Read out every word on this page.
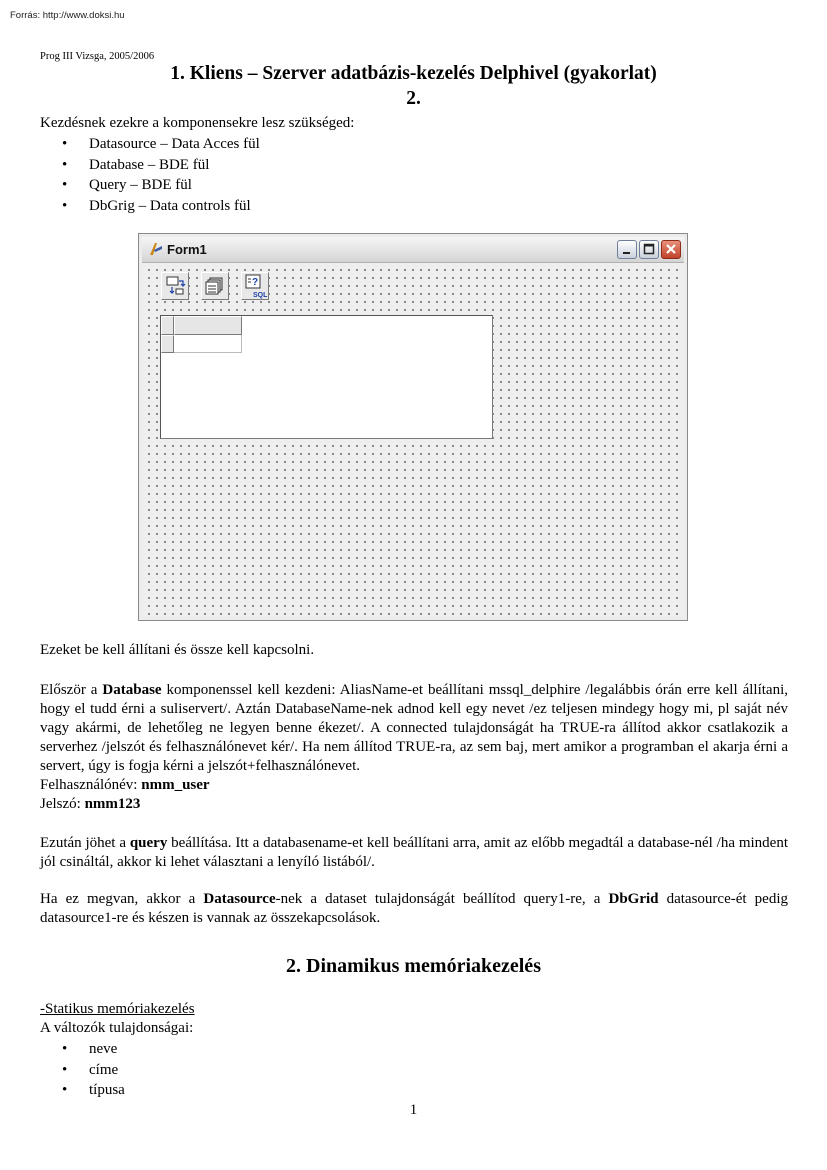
Forrás: http://www.doksi.hu
Prog III Vizsga, 2005/2006
1. Kliens – Szerver adatbázis-kezelés Delphivel (gyakorlat)
2.
Kezdésnek ezekre a komponensekre lesz szükséged:
• Datasource – Data Acces fül
• Database – BDE fül
• Query – BDE fül
• DbGrig – Data controls fül
Form1
?
SQL
Ezeket be kell állítani és össze kell kapcsolni.
Először a Database komponenssel kell kezdeni: AliasName-et beállítani mssql_delphire /legalábbis órán erre kell állítani, hogy el tudd érni a suliservert/. Aztán DatabaseName-nek adnod kell egy nevet /ez teljesen mindegy hogy mi, pl saját név vagy akármi, de lehetőleg ne legyen benne ékezet/. A connected tulajdonságát ha TRUE-ra állítod akkor csatlakozik a serverhez /jelszót és felhasználónevet kér/. Ha nem állítod TRUE-ra, az sem baj, mert amikor a programban el akarja érni a servert, úgy is fogja kérni a jelszót+felhasználónevet.
Felhasználónév: nmm_user
Jelszó: nmm123
Ezután jöhet a query beállítása. Itt a databasename-et kell beállítani arra, amit az előbb megadtál a database-nél /ha mindent jól csináltál, akkor ki lehet választani a lenyíló listából/.
Ha ez megvan, akkor a Datasource-nek a dataset tulajdonságát beállítod query1-re, a DbGrid datasource-ét pedig datasource1-re és készen is vannak az összekapcsolások.
2. Dinamikus memóriakezelés
-Statikus memóriakezelés
A változók tulajdonságai:
• neve
• címe
• típusa
1
